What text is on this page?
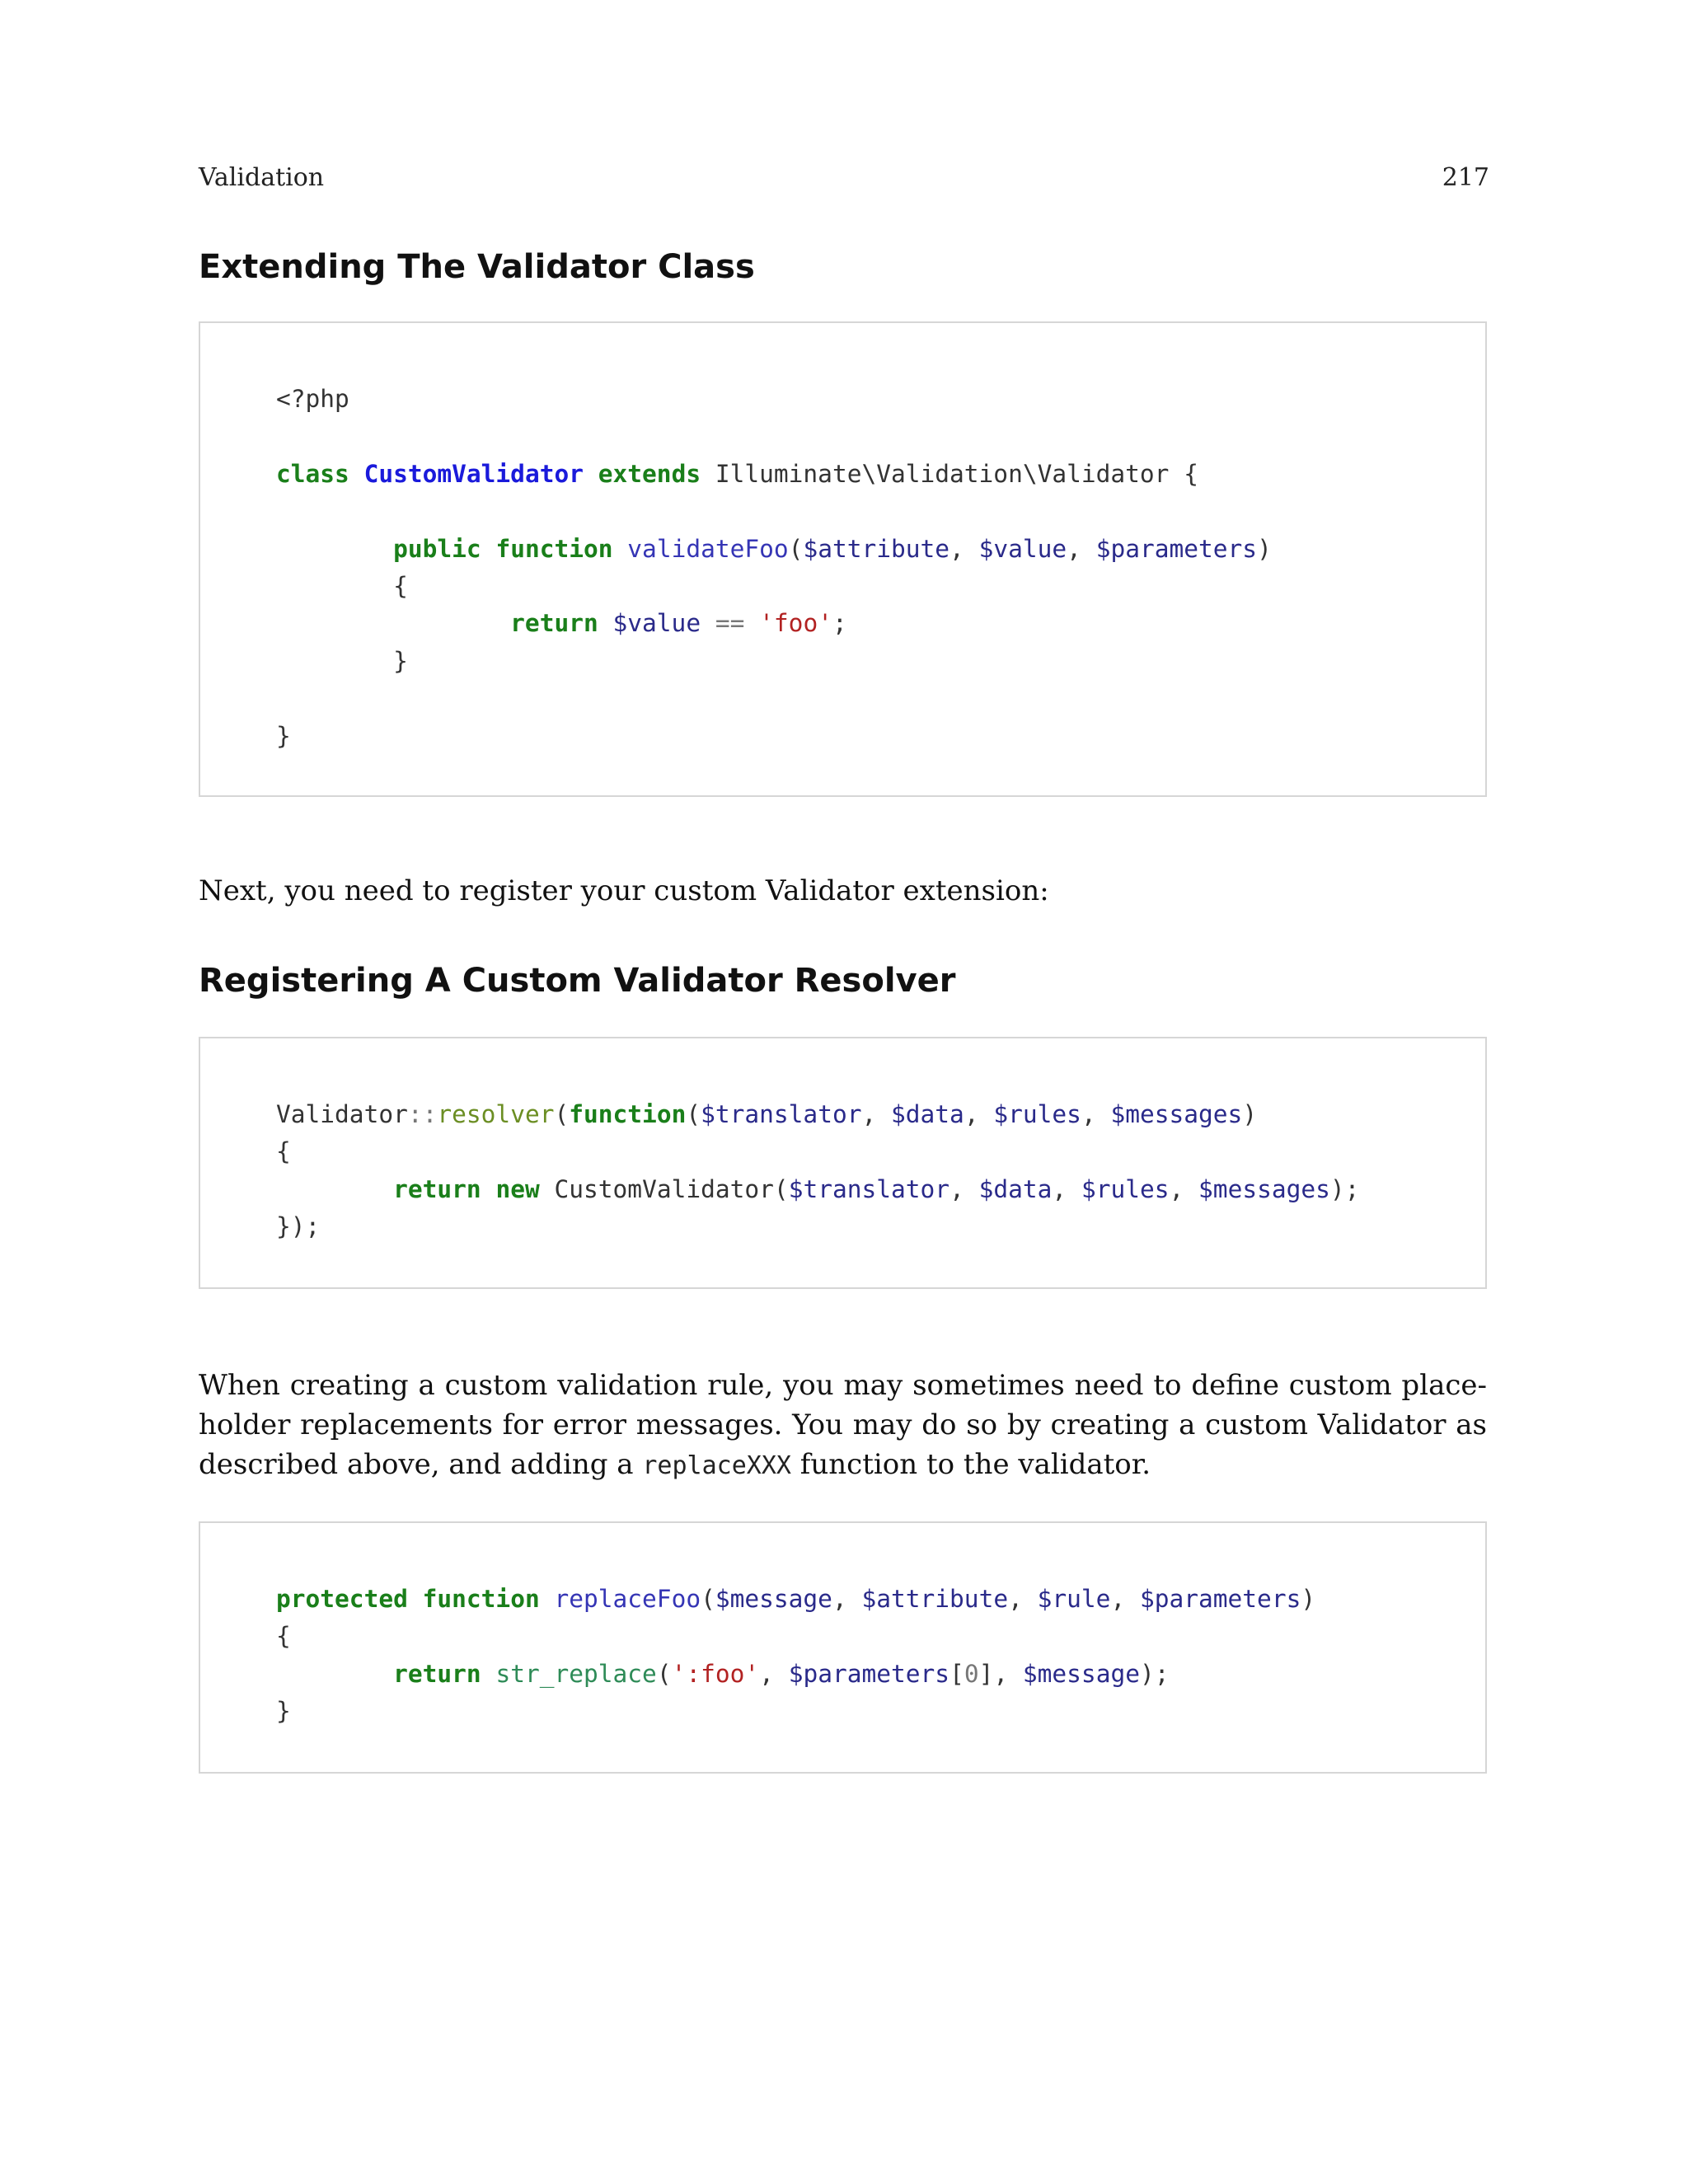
Validation	217
Extending The Validator Class
<?php
class CustomValidator extends Illuminate\Validation\Validator {
public function validateFoo($attribute, $value, $parameters)
{
return $value == 'foo';
}
}

Next, you need to register your custom Validator extension:

Registering A Custom Validator Resolver
Validator::resolver(function($translator, $data, $rules, $messages)
{
return new CustomValidator($translator, $data, $rules, $messages);
});

When creating a custom validation rule, you may sometimes need to define custom place-holder replacements for error messages. You may do so by creating a custom Validator as described above, and adding a replaceXXX function to the validator.

protected function replaceFoo($message, $attribute, $rule, $parameters)
{
return str_replace(':foo', $parameters[0], $message);
}
